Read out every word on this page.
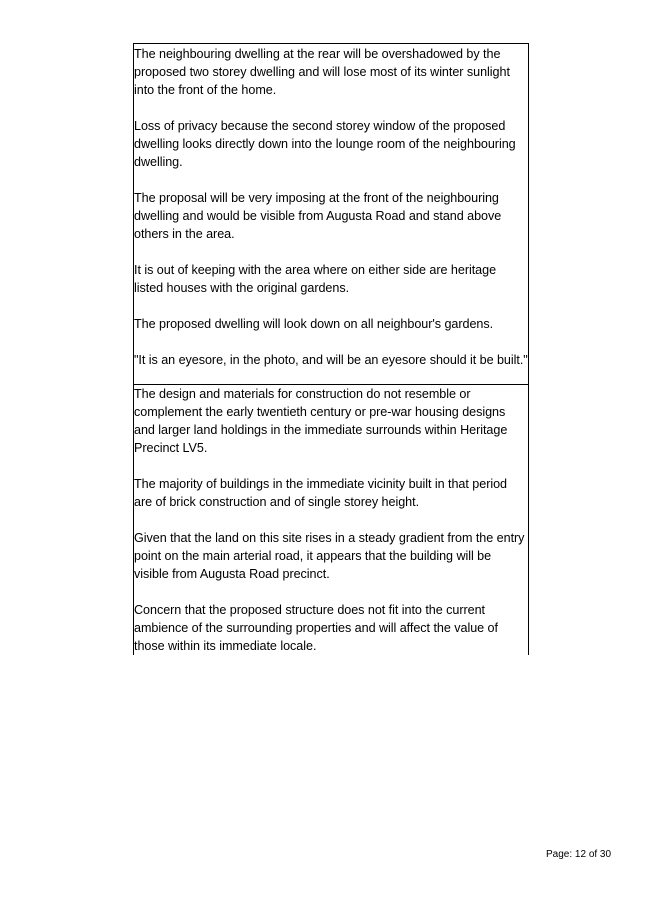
The neighbouring dwelling at the rear will be overshadowed by the proposed two storey dwelling and will lose most of its winter sunlight into the front of the home.

Loss of privacy because the second storey window of the proposed dwelling looks directly down into the lounge room of the neighbouring dwelling.

The proposal will be very imposing at the front of the neighbouring dwelling and would be visible from Augusta Road and stand above others in the area.

It is out of keeping with the area where on either side are heritage listed houses with the original gardens.

The proposed dwelling will look down on all neighbour's gardens.

"It is an eyesore, in the photo, and will be an eyesore should it be built."

The design and materials for construction do not resemble or complement the early twentieth century or pre-war housing designs and larger land holdings in the immediate surrounds within Heritage Precinct LV5.

The majority of buildings in the immediate vicinity built in that period are of brick construction and of single storey height.

Given that the land on this site rises in a steady gradient from the entry point on the main arterial road, it appears that the building will be visible from Augusta Road precinct.

Concern that the proposed structure does not fit into the current ambience of the surrounding properties and will affect the value of those within its immediate locale.

Page: 12 of 30
